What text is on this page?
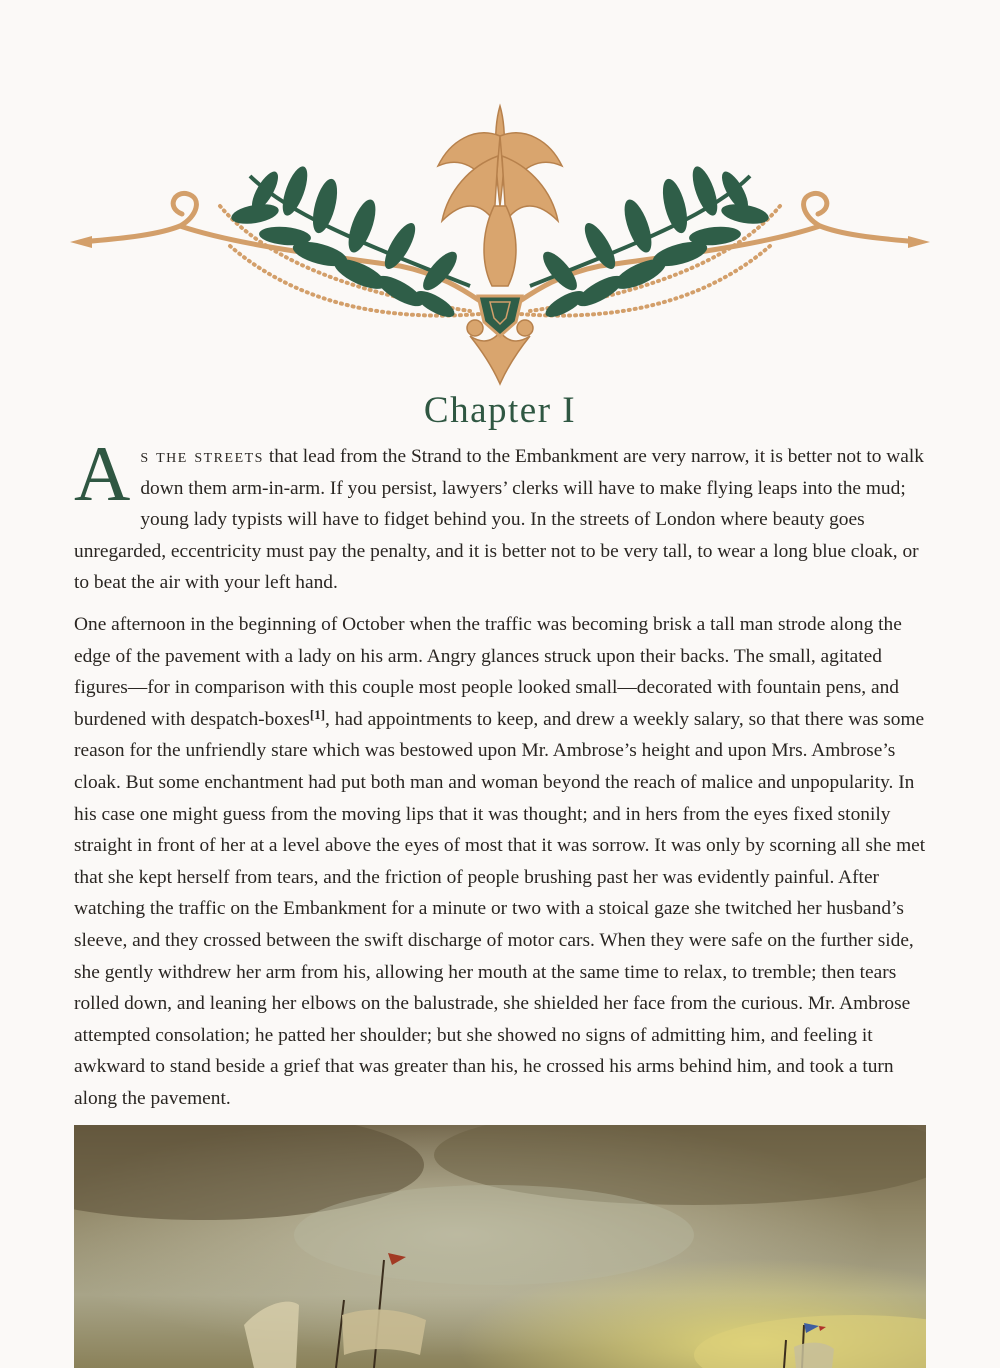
Chapter I

As the streets that lead from the Strand to the Embankment are very narrow, it is better not to walk down them arm-in-arm. If you persist, lawyers’ clerks will have to make flying leaps into the mud; young lady typists will have to fidget behind you. In the streets of London where beauty goes unregarded, eccentricity must pay the penalty, and it is better not to be very tall, to wear a long blue cloak, or to beat the air with your left hand.

One afternoon in the beginning of October when the traffic was becoming brisk a tall man strode along the edge of the pavement with a lady on his arm. Angry glances struck upon their backs. The small, agitated figures—for in comparison with this couple most people looked small—decorated with fountain pens, and burdened with despatch-boxes[1], had appointments to keep, and drew a weekly salary, so that there was some reason for the unfriendly stare which was bestowed upon Mr. Ambrose’s height and upon Mrs. Ambrose’s cloak. But some enchantment had put both man and woman beyond the reach of malice and unpopularity. In his case one might guess from the moving lips that it was thought; and in hers from the eyes fixed stonily straight in front of her at a level above the eyes of most that it was sorrow. It was only by scorning all she met that she kept herself from tears, and the friction of people brushing past her was evidently painful. After watching the traffic on the Embankment for a minute or two with a stoical gaze she twitched her husband’s sleeve, and they crossed between the swift discharge of motor cars. When they were safe on the further side, she gently withdrew her arm from his, allowing her mouth at the same time to relax, to tremble; then tears rolled down, and leaning her elbows on the balustrade, she shielded her face from the curious. Mr. Ambrose attempted consolation; he patted her shoulder; but she showed no signs of admitting him, and feeling it awkward to stand beside a grief that was greater than his, he crossed his arms behind him, and took a turn along the pavement.
